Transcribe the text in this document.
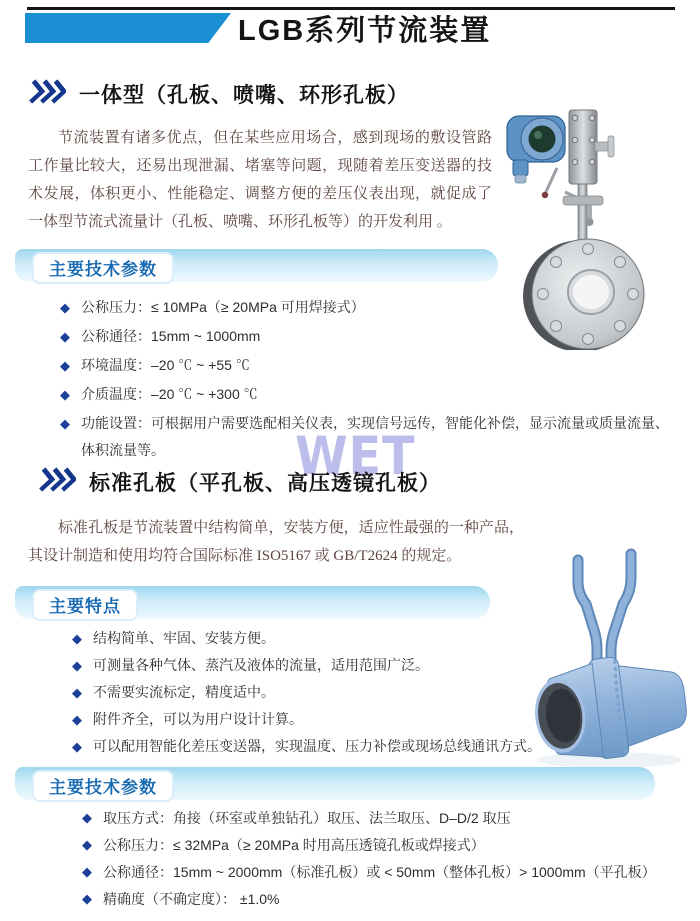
LGB系列节流装置
一体型（孔板、喷嘴、环形孔板）
节流装置有诸多优点，但在某些应用场合，感到现场的敷设管路工作量比较大，还易出现泄漏、堵塞等问题，现随着差压变送器的技术发展，体积更小、性能稳定、调整方便的差压仪表出现，就促成了一体型节流式流量计（孔板、喷嘴、环形孔板等）的开发利用 。
主要技术参数
◆ 公称压力：≤ 10MPa（≥ 20MPa 可用焊接式）
◆ 公称通径：15mm ~ 1000mm
◆ 环境温度：–20 ℃ ~ +55 ℃
◆ 介质温度：–20 ℃ ~ +300 ℃
◆ 功能设置：可根据用户需要选配相关仪表，实现信号远传，智能化补偿，显示流量或质量流量、体积流量等。	WET
标准孔板（平孔板、高压透镜孔板）
标准孔板是节流装置中结构简单，安装方便，适应性最强的一种产品，其设计制造和使用均符合国际标准 ISO5167 或 GB/T2624 的规定。
主要特点
◆ 结构简单、牢固、安装方便。
◆ 可测量各种气体、蒸汽及液体的流量，适用范围广泛。
◆ 不需要实流标定，精度适中。
◆ 附件齐全，可以为用户设计计算。
◆ 可以配用智能化差压变送器，实现温度、压力补偿或现场总线通讯方式。
主要技术参数
◆ 取压方式：角接（环室或单独钻孔）取压、法兰取压、D–D/2 取压
◆ 公称压力：≤ 32MPa（≥ 20MPa 时用高压透镜孔板或焊接式）
◆ 公称通径：15mm ~ 2000mm（标准孔板）或 < 50mm（整体孔板）> 1000mm（平孔板）
◆ 精确度（不确定度）： ±1.0%
